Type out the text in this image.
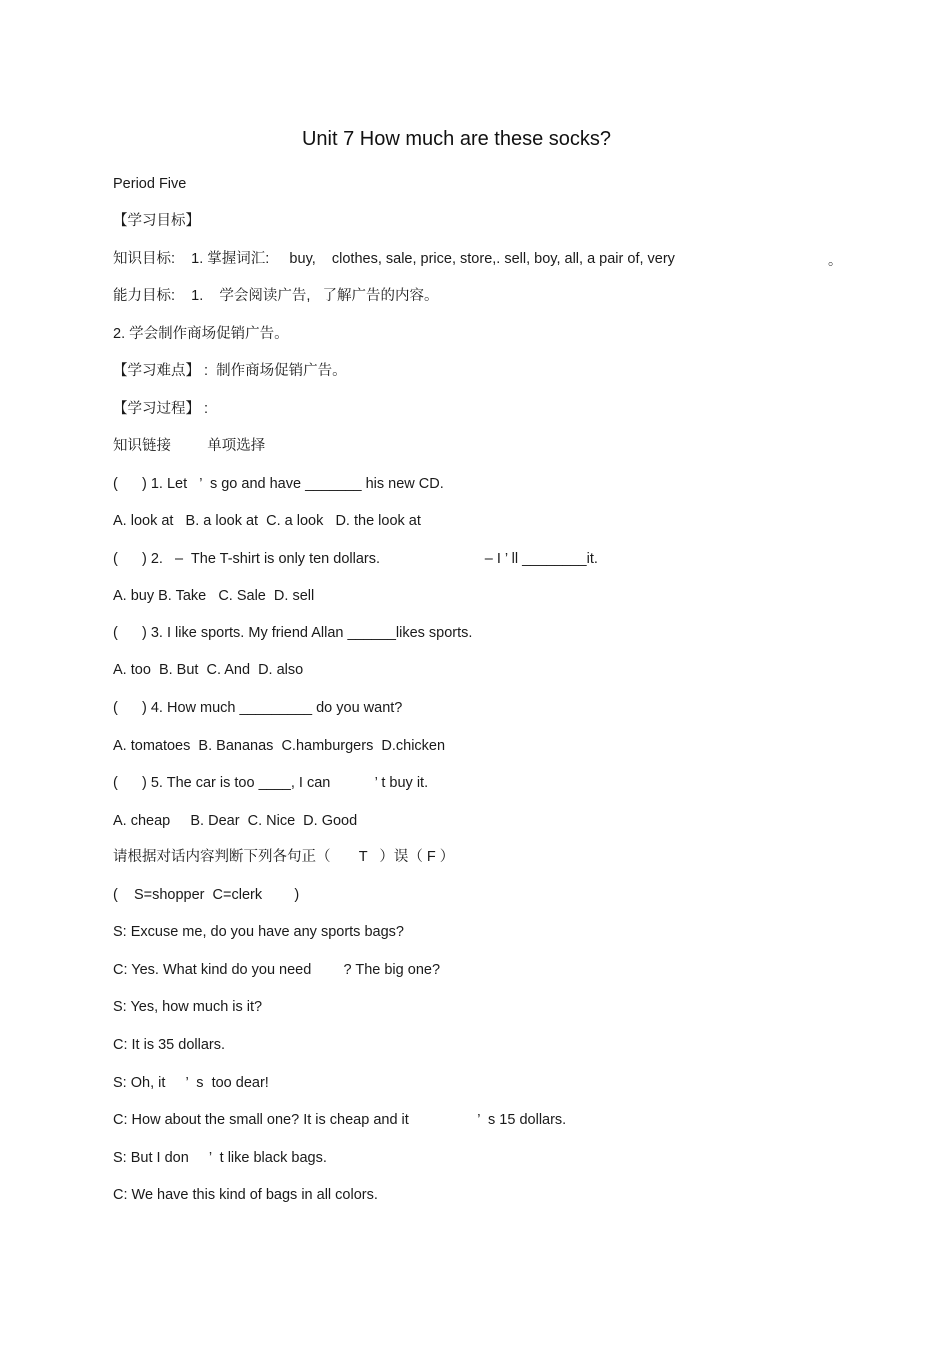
Unit 7 How much are these socks?
Period Five
【学习目标】
知识目标:    1. 掌握词汇:     buy,    clothes, sale, price, store,. sell, boy, all, a pair of, very	。
能力目标:    1.    学会阅读广告,   了解广告的内容。
2. 学会制作商场促销广告。
【学习难点】 :  制作商场促销广告。
【学习过程】 :
知识链接         单项选择
(      ) 1. Let   ’  s go and have _______ his new CD.
A. look at   B. a look at  C. a look   D. the look at
(      ) 2.   –  The T-shirt is only ten dollars.                          – I ’ ll ________it.
A. buy B. Take   C. Sale  D. sell
(      ) 3. I like sports. My friend Allan ______likes sports.
A. too  B. But  C. And  D. also
(      ) 4. How much _________ do you want?
A. tomatoes  B. Bananas  C.hamburgers  D.chicken
(      ) 5. The car is too ____, I can           ’ t buy it.
A. cheap     B. Dear  C. Nice  D. Good
请根据对话内容判断下列各句正（       T   ）误（ F ）
(    S=shopper  C=clerk        )
S: Excuse me, do you have any sports bags?
C: Yes. What kind do you need        ? The big one?
S: Yes, how much is it?
C: It is 35 dollars.
S: Oh, it     ’  s  too dear!
C: How about the small one? It is cheap and it                 ’  s 15 dollars.
S: But I don     ’  t like black bags.
C: We have this kind of bags in all colors.
